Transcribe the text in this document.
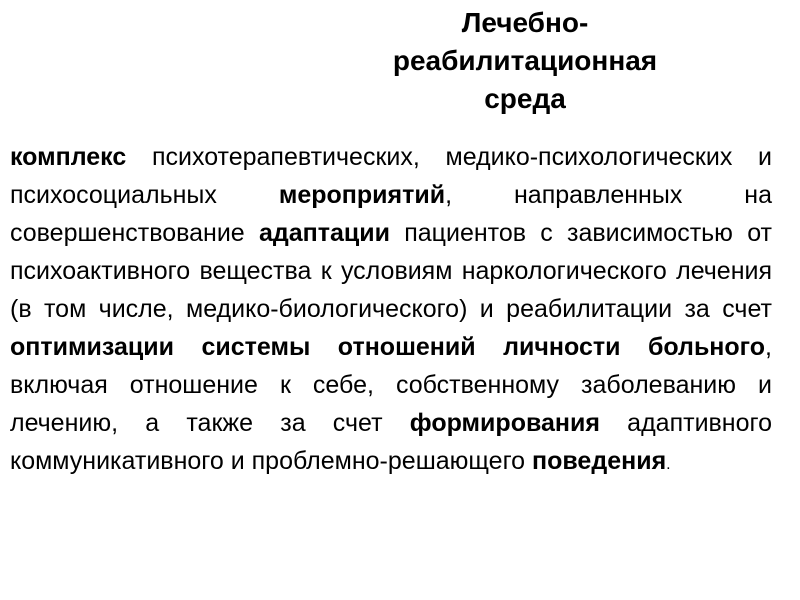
Лечебно-
реабилитационная
среда

комплекс психотерапевтических, медико-психологических и психосоциальных мероприятий, направленных на совершенствование адаптации пациентов с зависимостью от психоактивного вещества к условиям наркологического лечения (в том числе, медико-биологического) и реабилитации за счет оптимизации системы отношений личности больного, включая отношение к себе, собственному заболеванию и лечению, а также за счет формирования адаптивного коммуникативного и проблемно-решающего поведения.
